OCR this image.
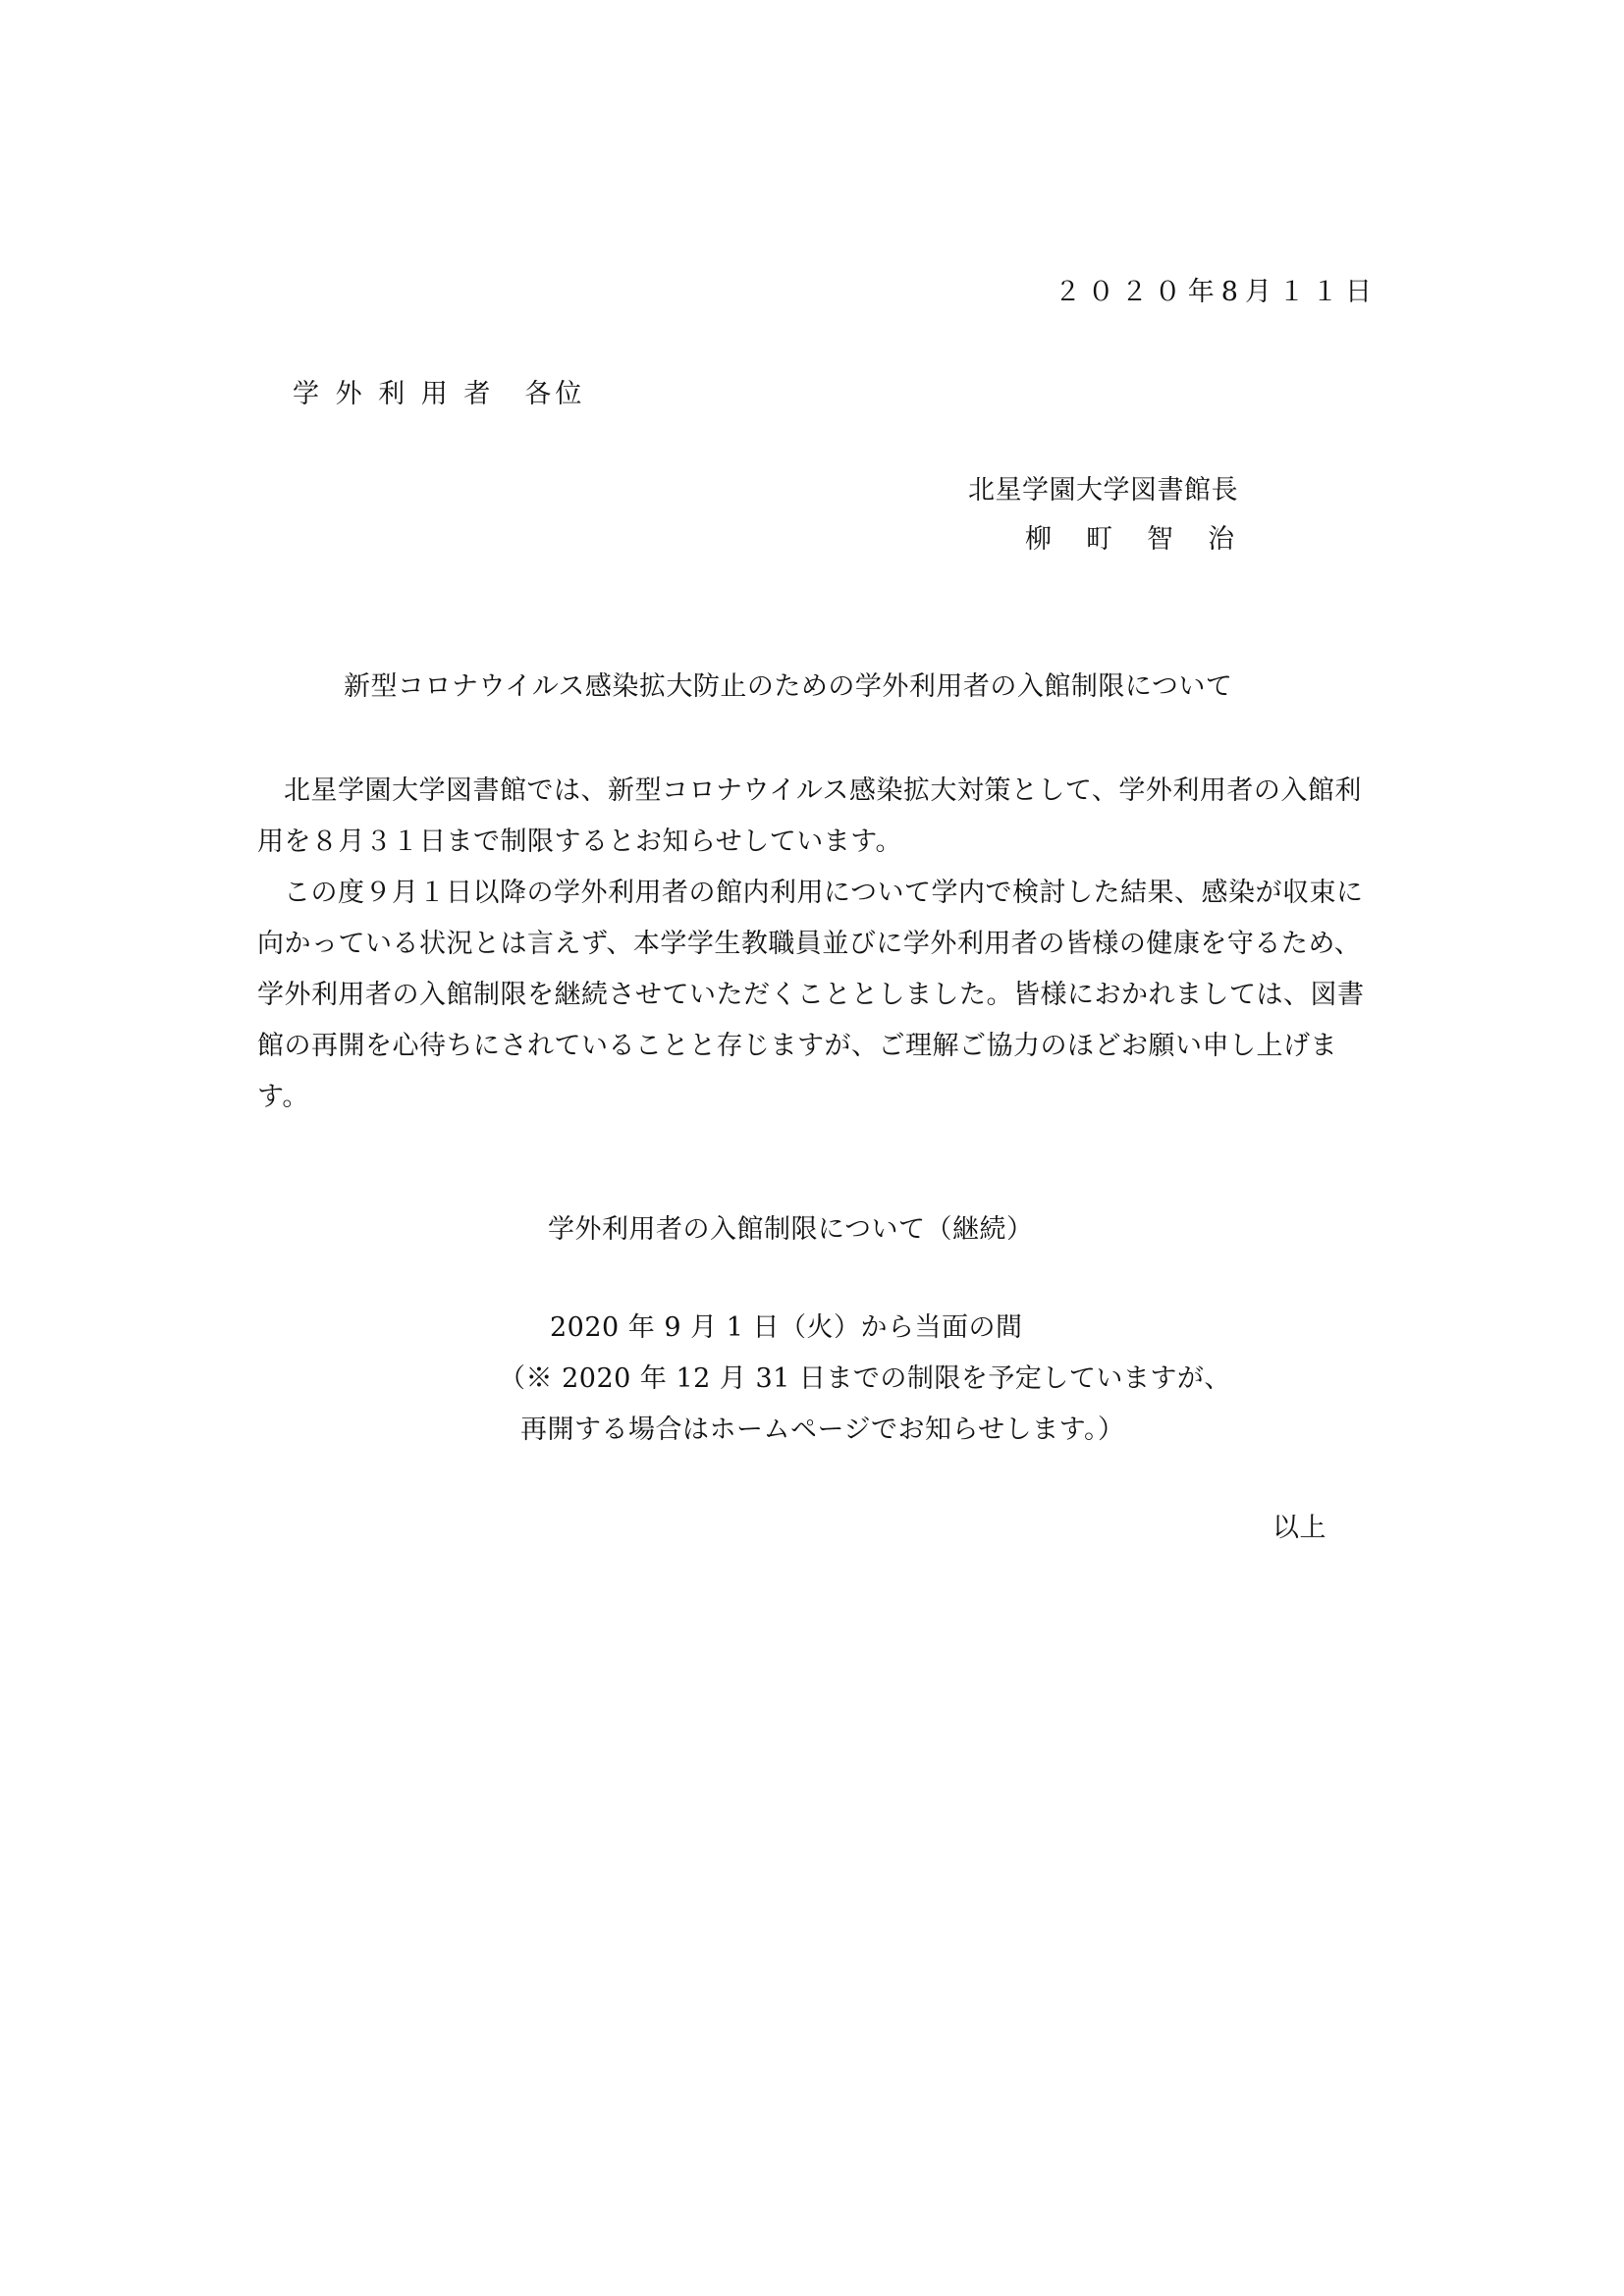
２０２０年8月１１日
学 外 利 用 者　各位
北星学園大学図書館長
柳　町　智　治
新型コロナウイルス感染拡大防止のための学外利用者の入館制限について

北星学園大学図書館では、新型コロナウイルス感染拡大対策として、学外利用者の入館利用を８月３１日まで制限するとお知らせしています。

この度９月１日以降の学外利用者の館内利用について学内で検討した結果、感染が収束に向かっている状況とは言えず、本学学生教職員並びに学外利用者の皆様の健康を守るため、学外利用者の入館制限を継続させていただくこととしました。皆様におかれましては、図書館の再開を心待ちにされていることと存じますが、ご理解ご協力のほどお願い申し上げます。

学外利用者の入館制限について（継続）
2020 年 9 月 1 日（火）から当面の間
（※ 2020 年 12 月 31 日までの制限を予定していますが、
再開する場合はホームページでお知らせします。）
以上
